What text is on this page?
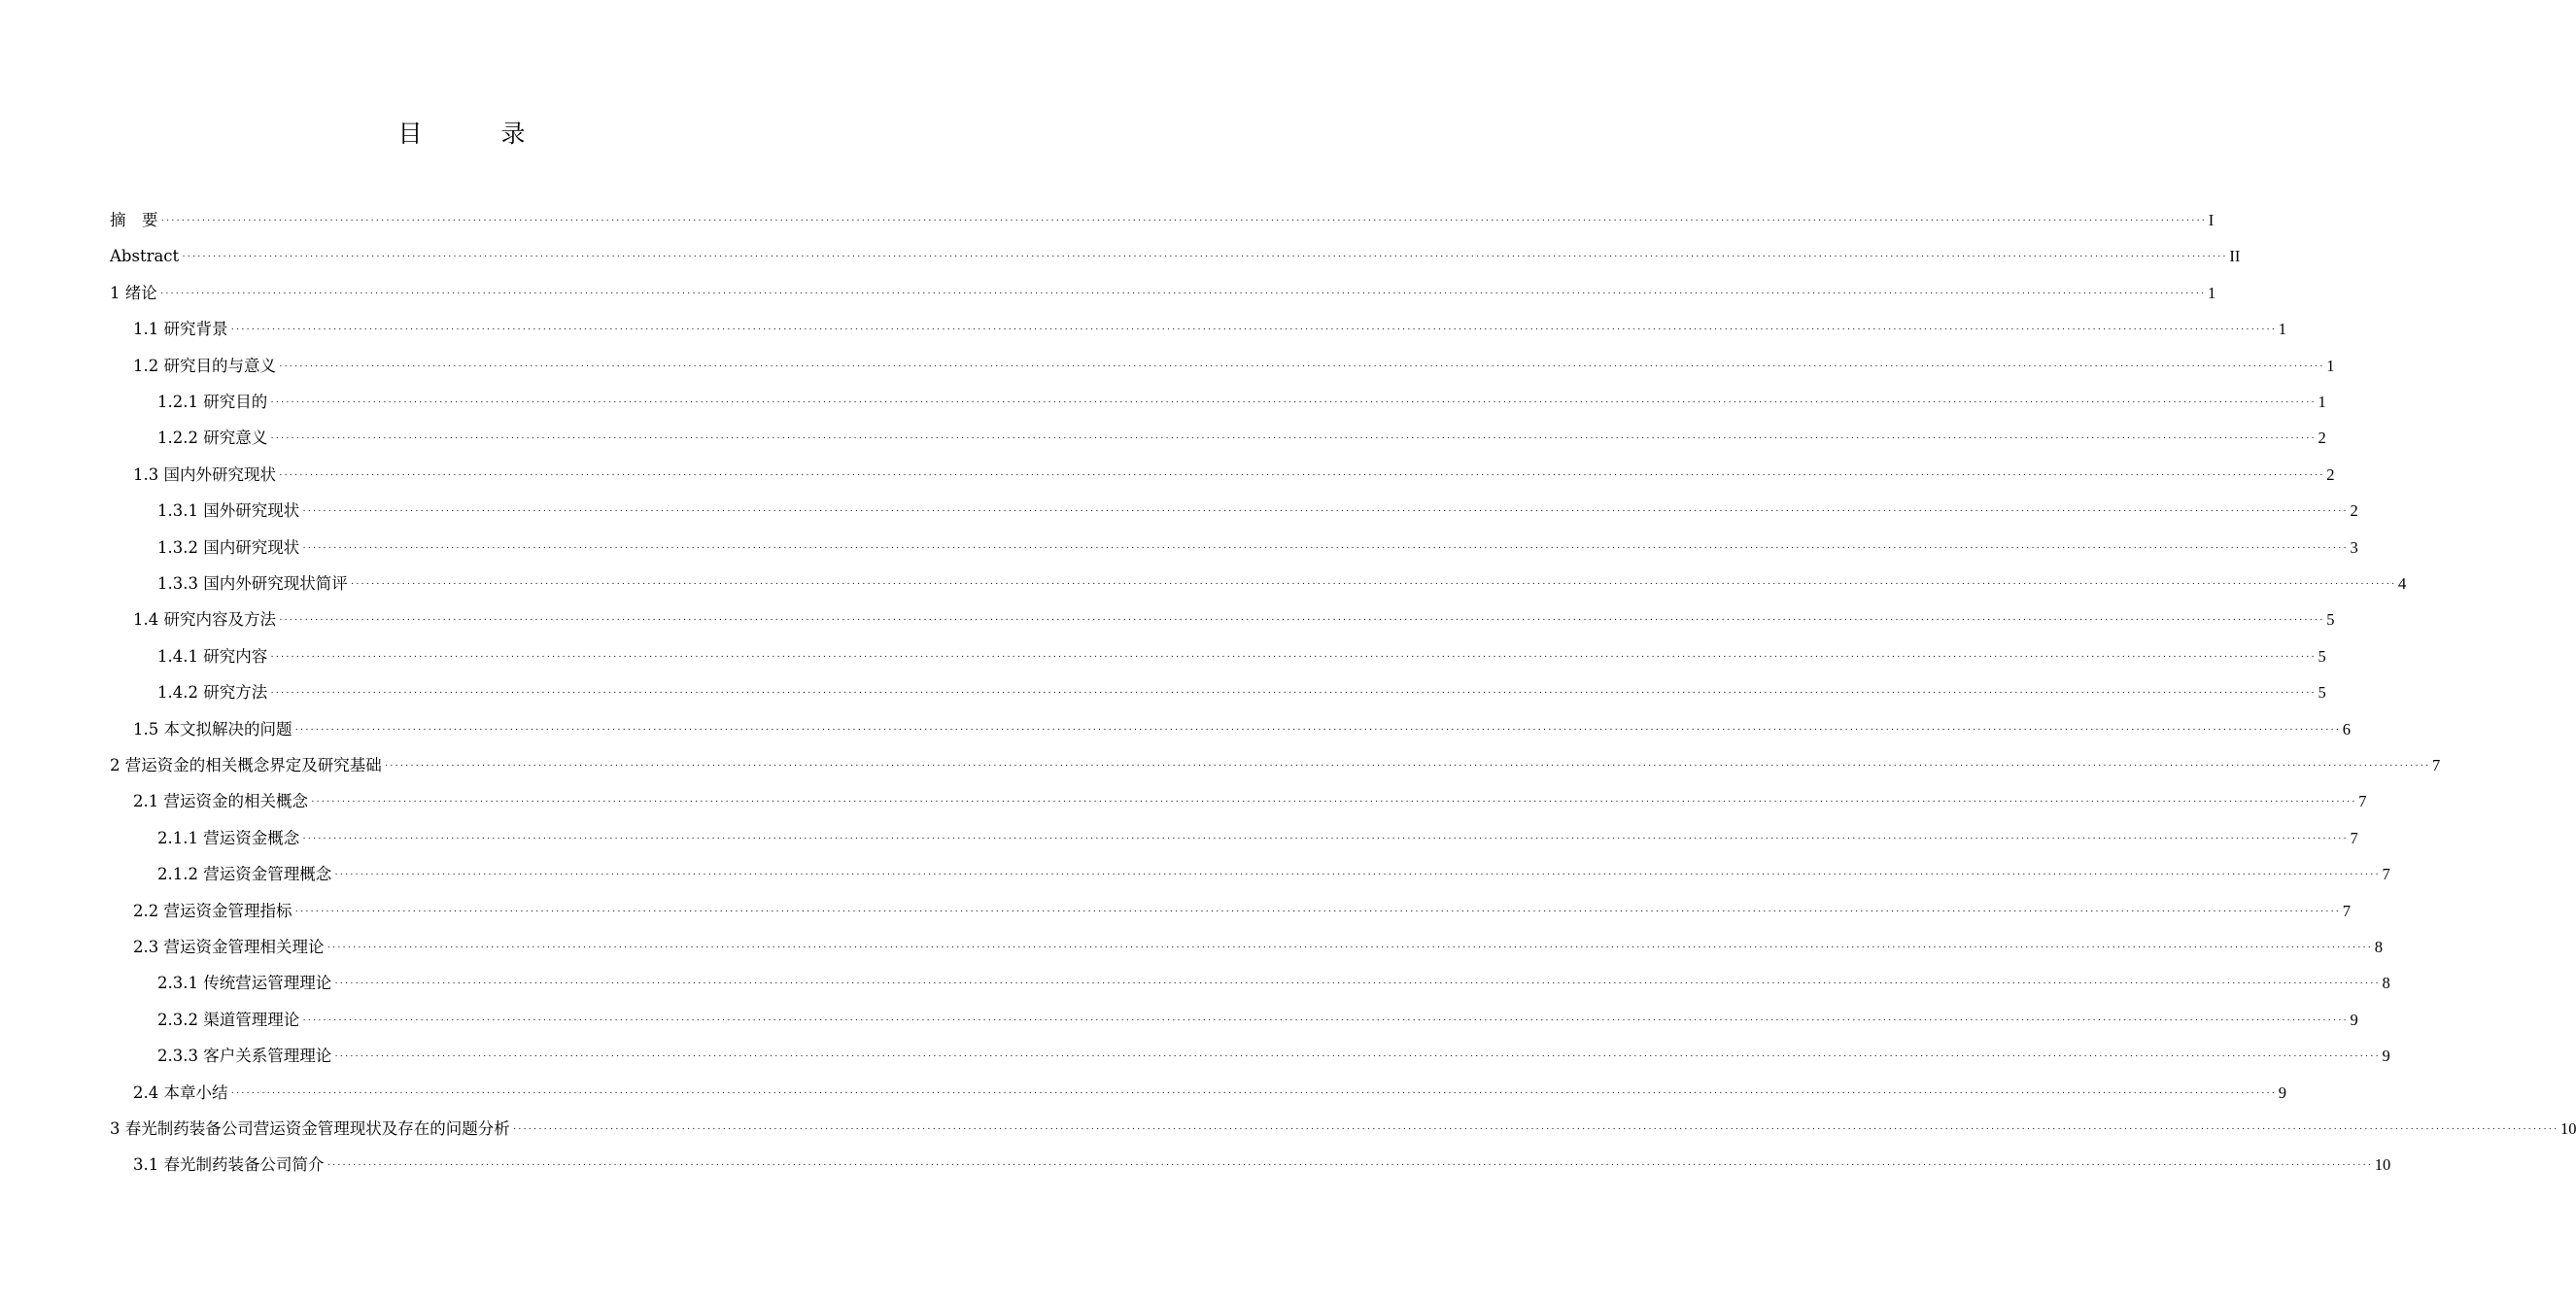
目　录
摘　要 ················································································································································································································································································································································································································ I
Abstract ················································································································································································································································································································································································································ II
1 绪论 ················································································································································································································································································································································································································ 1
1.1 研究背景 ················································································································································································································································································································································································································ 1
1.2 研究目的与意义 ················································································································································································································································································································································································································ 1
1.2.1 研究目的 ················································································································································································································································································································································································································ 1
1.2.2 研究意义 ················································································································································································································································································································································································································ 2
1.3 国内外研究现状 ················································································································································································································································································································································································································ 2
1.3.1 国外研究现状 ················································································································································································································································································································································································································ 2
1.3.2 国内研究现状 ················································································································································································································································································································································································································ 3
1.3.3 国内外研究现状简评 ················································································································································································································································································································································································································ 4
1.4 研究内容及方法 ················································································································································································································································································································································································································ 5
1.4.1 研究内容 ················································································································································································································································································································································································································ 5
1.4.2 研究方法 ················································································································································································································································································································································································································ 5
1.5 本文拟解决的问题 ················································································································································································································································································································································································································ 6
2 营运资金的相关概念界定及研究基础 ················································································································································································································································································································································································································ 7
2.1 营运资金的相关概念 ················································································································································································································································································································································································································ 7
2.1.1 营运资金概念 ················································································································································································································································································································································································································ 7
2.1.2 营运资金管理概念 ················································································································································································································································································································································································································ 7
2.2 营运资金管理指标 ················································································································································································································································································································································································································ 7
2.3 营运资金管理相关理论 ················································································································································································································································································································································································································ 8
2.3.1 传统营运管理理论 ················································································································································································································································································································································································································ 8
2.3.2 渠道管理理论 ················································································································································································································································································································································································································ 9
2.3.3 客户关系管理理论 ················································································································································································································································································································································································································ 9
2.4 本章小结 ················································································································································································································································································································································································································ 9
3 春光制药装备公司营运资金管理现状及存在的问题分析 ················································································································································································································································································································································································································ 10
3.1 春光制药装备公司简介 ················································································································································································································································································································································································································ 10
